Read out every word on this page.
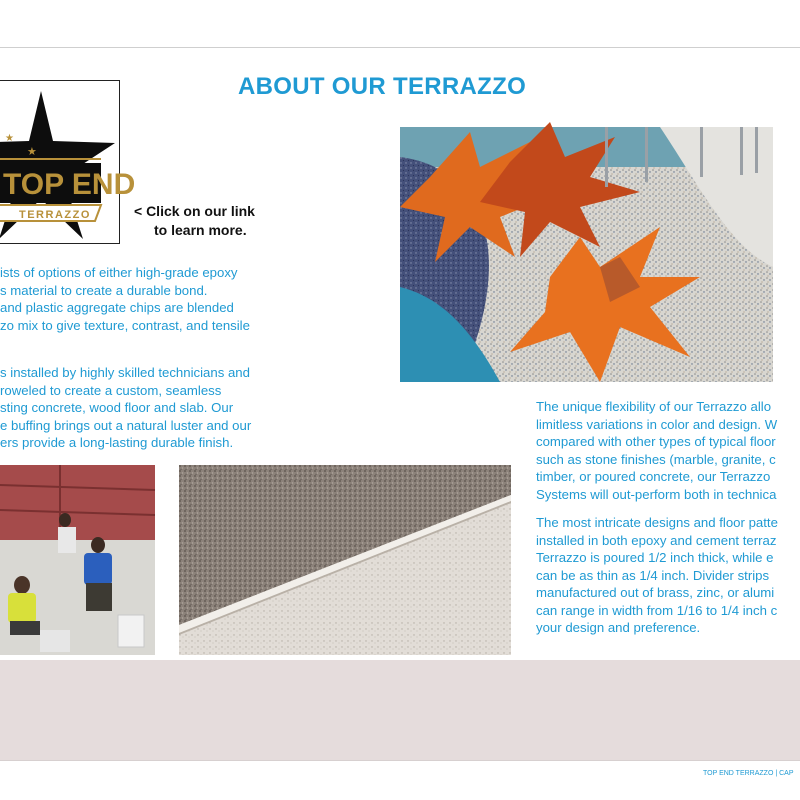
ABOUT OUR TERRAZZO
★
★
TOP END
TERRAZZO	< Click on our link
to learn more.
ists of options of either high-grade epoxy
s material to create a durable bond.
and plastic aggregate chips are blended
zo mix to give texture, contrast, and tensile
s installed by highly skilled technicians and
roweled to create a custom, seamless
sting concrete, wood floor and slab. Our
e buffing brings out a natural luster and our
ers provide a long-lasting durable finish.
The unique flexibility of our Terrazzo allo
limitless variations in color and design. W
compared with other types of typical floor
such as stone finishes (marble, granite, c
timber, or poured concrete, our Terrazzo
Systems will out-perform both in technica
The most intricate designs and floor patte
installed in both epoxy and cement terraz
Terrazzo is poured 1/2 inch thick, while e
can be as thin as 1/4 inch. Divider strips
manufactured out of brass, zinc, or alumi
can range in width from 1/16 to 1/4 inch c
your design and preference.
TOP END TERRAZZO | CAP
